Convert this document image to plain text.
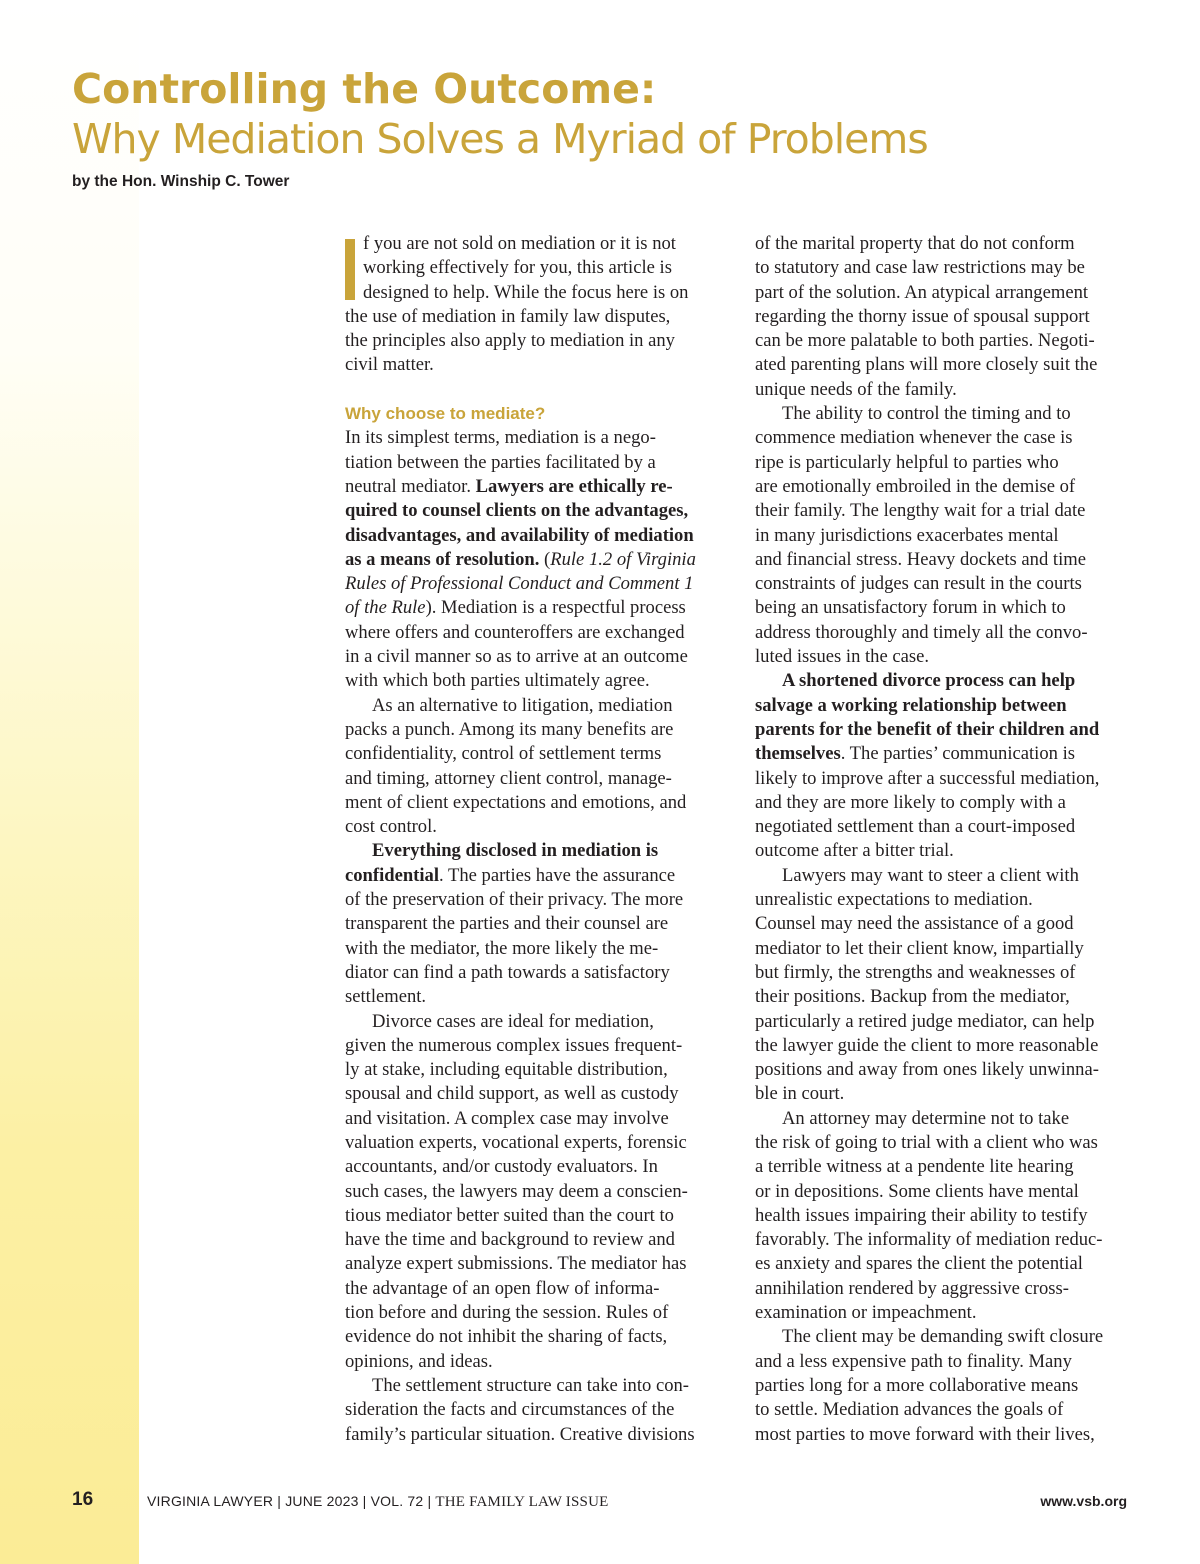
Controlling the Outcome:
Why Mediation Solves a Myriad of Problems
by the Hon. Winship C. Tower
f you are not sold on mediation or it is not
working effectively for you, this article is
designed to help. While the focus here is on
the use of mediation in family law disputes,
the principles also apply to mediation in any
civil matter.
Why choose to mediate?
In its simplest terms, mediation is a nego-
tiation between the parties facilitated by a
neutral mediator. Lawyers are ethically re-
quired to counsel clients on the advantages,
disadvantages, and availability of mediation
as a means of resolution. (Rule 1.2 of Virginia
Rules of Professional Conduct and Comment 1
of the Rule). Mediation is a respectful process
where offers and counteroffers are exchanged
in a civil manner so as to arrive at an outcome
with which both parties ultimately agree.
As an alternative to litigation, mediation
packs a punch. Among its many benefits are
confidentiality, control of settlement terms
and timing, attorney client control, manage-
ment of client expectations and emotions, and
cost control.
Everything disclosed in mediation is
confidential. The parties have the assurance
of the preservation of their privacy. The more
transparent the parties and their counsel are
with the mediator, the more likely the me-
diator can find a path towards a satisfactory
settlement.
Divorce cases are ideal for mediation,
given the numerous complex issues frequent-
ly at stake, including equitable distribution,
spousal and child support, as well as custody
and visitation. A complex case may involve
valuation experts, vocational experts, forensic
accountants, and/or custody evaluators. In
such cases, the lawyers may deem a conscien-
tious mediator better suited than the court to
have the time and background to review and
analyze expert submissions. The mediator has
the advantage of an open flow of informa-
tion before and during the session. Rules of
evidence do not inhibit the sharing of facts,
opinions, and ideas.
The settlement structure can take into con-
sideration the facts and circumstances of the
family’s particular situation. Creative divisions
of the marital property that do not conform
to statutory and case law restrictions may be
part of the solution. An atypical arrangement
regarding the thorny issue of spousal support
can be more palatable to both parties. Negoti-
ated parenting plans will more closely suit the
unique needs of the family.
The ability to control the timing and to
commence mediation whenever the case is
ripe is particularly helpful to parties who
are emotionally embroiled in the demise of
their family. The lengthy wait for a trial date
in many jurisdictions exacerbates mental
and financial stress. Heavy dockets and time
constraints of judges can result in the courts
being an unsatisfactory forum in which to
address thoroughly and timely all the convo-
luted issues in the case.
A shortened divorce process can help
salvage a working relationship between
parents for the benefit of their children and
themselves. The parties’ communication is
likely to improve after a successful mediation,
and they are more likely to comply with a
negotiated settlement than a court-imposed
outcome after a bitter trial.
Lawyers may want to steer a client with
unrealistic expectations to mediation.
Counsel may need the assistance of a good
mediator to let their client know, impartially
but firmly, the strengths and weaknesses of
their positions. Backup from the mediator,
particularly a retired judge mediator, can help
the lawyer guide the client to more reasonable
positions and away from ones likely unwinna-
ble in court.
An attorney may determine not to take
the risk of going to trial with a client who was
a terrible witness at a pendente lite hearing
or in depositions. Some clients have mental
health issues impairing their ability to testify
favorably. The informality of mediation reduc-
es anxiety and spares the client the potential
annihilation rendered by aggressive cross-
examination or impeachment.
The client may be demanding swift closure
and a less expensive path to finality. Many
parties long for a more collaborative means
to settle. Mediation advances the goals of
most parties to move forward with their lives,
16	VIRGINIA LAWYER | JUNE 2023 | VOL. 72 | THE FAMILY LAW ISSUE	www.vsb.org
